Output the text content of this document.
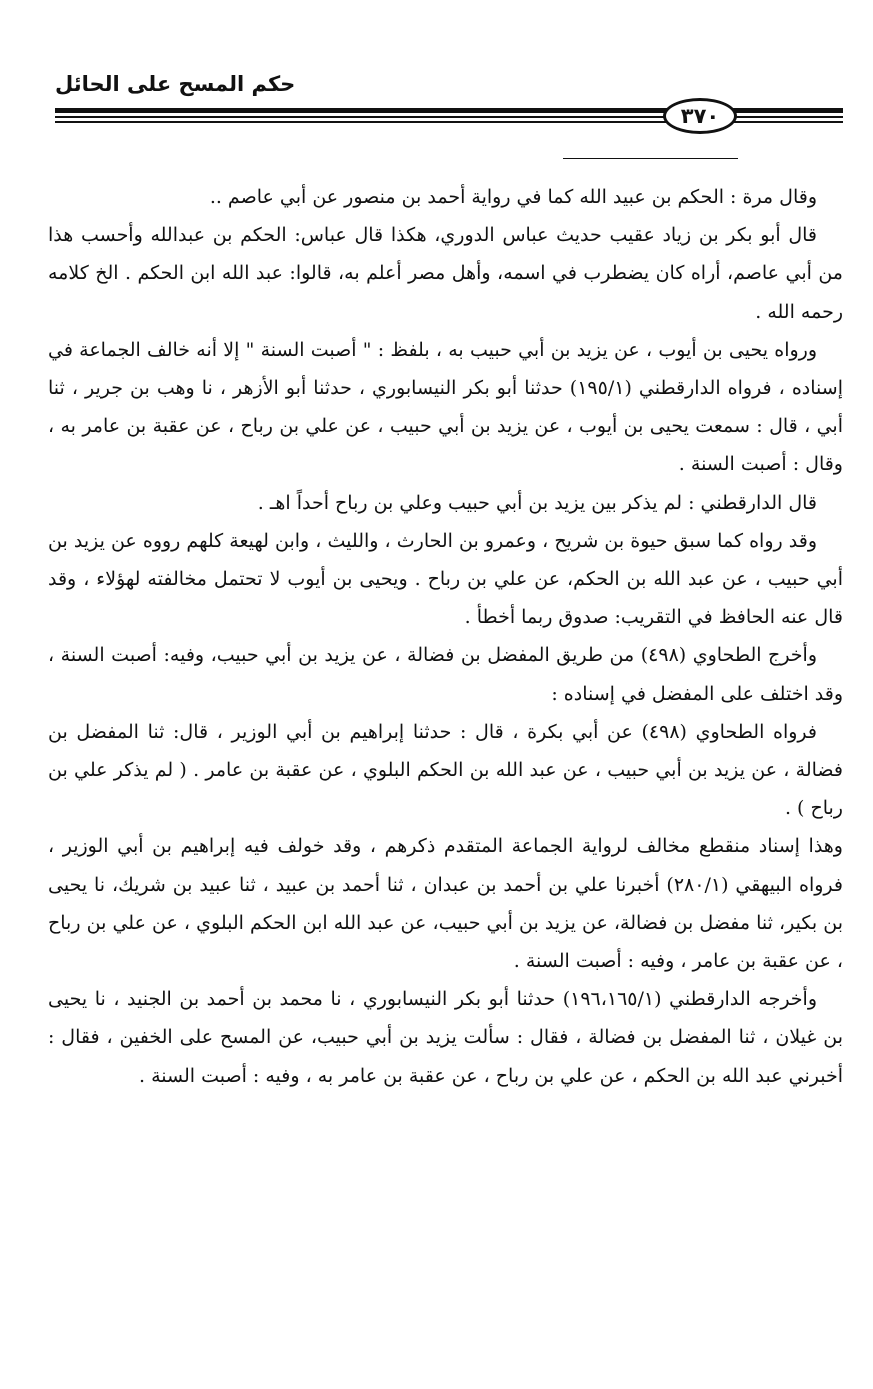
حكم المسح على الحائل
٣٧٠

وقال مرة : الحكم بن عبيد الله كما في رواية أحمد بن منصور عن أبي عاصم ..

قال أبو بكر بن زياد عقيب حديث عباس الدوري، هكذا قال عباس: الحكم بن عبدالله وأحسب هذا من أبي عاصم، أراه كان يضطرب في اسمه، وأهل مصر أعلم به، قالوا: عبد الله ابن الحكم . الخ كلامه رحمه الله .

ورواه يحيى بن أيوب ، عن يزيد بن أبي حبيب به ، بلفظ : " أصبت السنة " إلا أنه خالف الجماعة في إسناده ، فرواه الدارقطني (١٩٥/١) حدثنا أبو بكر النيسابوري ، حدثنا أبو الأزهر ، نا وهب بن جرير ، ثنا أبي ، قال : سمعت يحيى بن أيوب ، عن يزيد بن أبي حبيب ، عن علي بن رباح ، عن عقبة بن عامر به ، وقال : أصبت السنة .

قال الدارقطني : لم يذكر بين يزيد بن أبي حبيب وعلي بن رباح أحداً اهـ .

وقد رواه كما سبق حيوة بن شريح ، وعمرو بن الحارث ، والليث ، وابن لهيعة كلهم رووه عن يزيد بن أبي حبيب ، عن عبد الله بن الحكم، عن علي بن رباح . ويحيى بن أيوب لا تحتمل مخالفته لهؤلاء ، وقد قال عنه الحافظ في التقريب: صدوق ربما أخطأ .

وأخرج الطحاوي (٤٩٨) من طريق المفضل بن فضالة ، عن يزيد بن أبي حبيب، وفيه: أصبت السنة ، وقد اختلف على المفضل في إسناده :

فرواه الطحاوي (٤٩٨) عن أبي بكرة ، قال : حدثنا إبراهيم بن أبي الوزير ، قال: ثنا المفضل بن فضالة ، عن يزيد بن أبي حبيب ، عن عبد الله بن الحكم البلوي ، عن عقبة بن عامر . ( لم يذكر علي بن رباح ) .

وهذا إسناد منقطع مخالف لرواية الجماعة المتقدم ذكرهم ، وقد خولف فيه إبراهيم بن أبي الوزير ، فرواه البيهقي (٢٨٠/١) أخبرنا علي بن أحمد بن عبدان ، ثنا أحمد بن عبيد ، ثنا عبيد بن شريك، نا يحيى بن بكير، ثنا مفضل بن فضالة، عن يزيد بن أبي حبيب، عن عبد الله ابن الحكم البلوي ، عن علي بن رباح ، عن عقبة بن عامر ، وفيه : أصبت السنة .

وأخرجه الدارقطني (١٩٦،١٦٥/١) حدثنا أبو بكر النيسابوري ، نا محمد بن أحمد بن الجنيد ، نا يحيى بن غيلان ، ثنا المفضل بن فضالة ، فقال : سألت يزيد بن أبي حبيب، عن المسح على الخفين ، فقال : أخبرني عبد الله بن الحكم ، عن علي بن رباح ، عن عقبة بن عامر به ، وفيه : أصبت السنة .
